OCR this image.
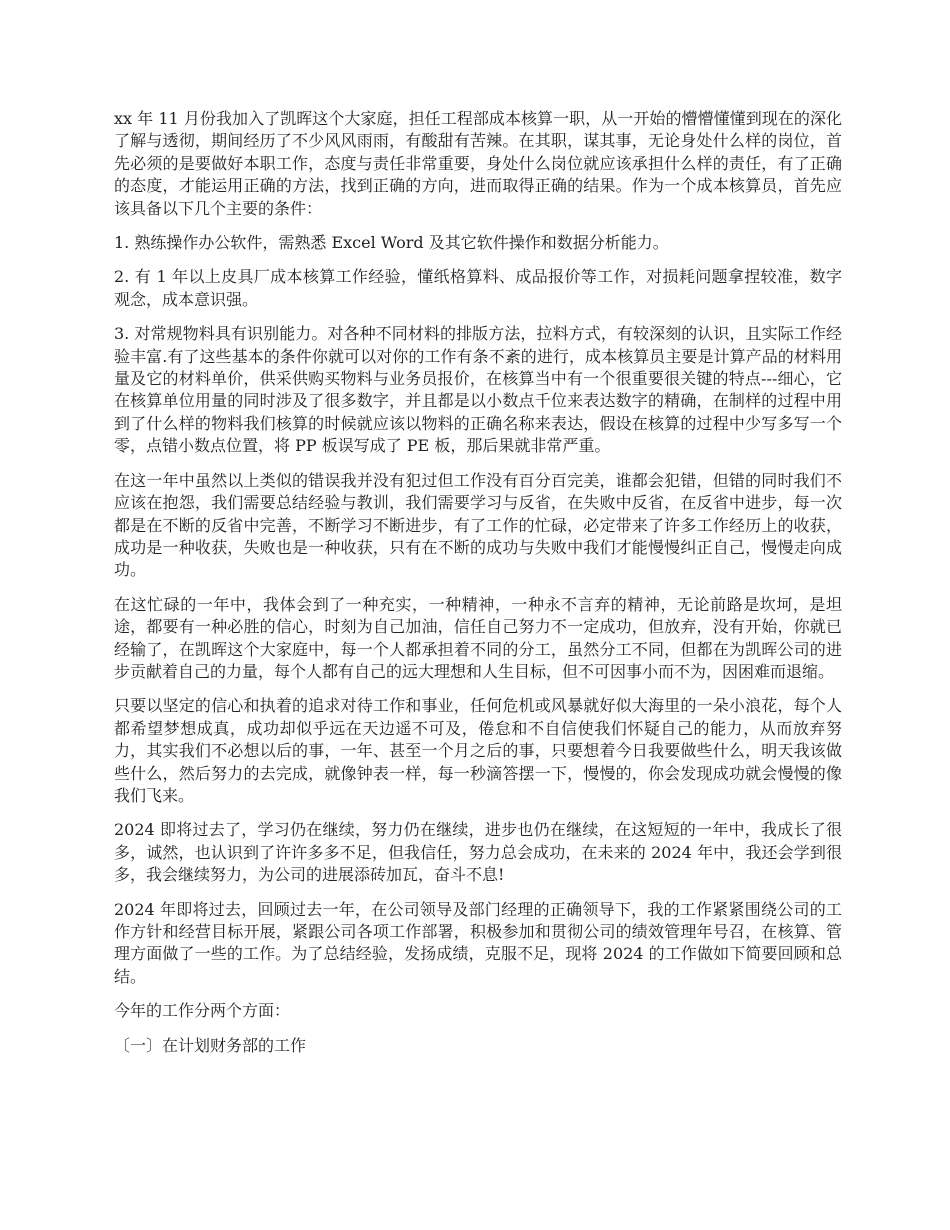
xx 年 11 月份我加入了凯晖这个大家庭，担任工程部成本核算一职，从一开始的懵懵懂懂到现在的深化了解与透彻，期间经历了不少风风雨雨，有酸甜有苦辣。在其职，谋其事，无论身处什么样的岗位，首先必须的是要做好本职工作，态度与责任非常重要，身处什么岗位就应该承担什么样的责任，有了正确的态度，才能运用正确的方法，找到正确的方向，进而取得正确的结果。作为一个成本核算员，首先应该具备以下几个主要的条件：

1. 熟练操作办公软件，需熟悉 Excel Word 及其它软件操作和数据分析能力。

2. 有 1 年以上皮具厂成本核算工作经验，懂纸格算料、成品报价等工作，对损耗问题拿捏较准，数字观念，成本意识强。

3. 对常规物料具有识别能力。对各种不同材料的排版方法，拉料方式，有较深刻的认识，且实际工作经验丰富.有了这些基本的条件你就可以对你的工作有条不紊的进行，成本核算员主要是计算产品的材料用量及它的材料单价，供采供购买物料与业务员报价，在核算当中有一个很重要很关键的特点---细心，它在核算单位用量的同时涉及了很多数字，并且都是以小数点千位来表达数字的精确，在制样的过程中用到了什么样的物料我们核算的时候就应该以物料的正确名称来表达，假设在核算的过程中少写多写一个零，点错小数点位置，将 PP 板误写成了 PE 板，那后果就非常严重。

在这一年中虽然以上类似的错误我并没有犯过但工作没有百分百完美，谁都会犯错，但错的同时我们不应该在抱怨，我们需要总结经验与教训，我们需要学习与反省，在失败中反省，在反省中进步，每一次都是在不断的反省中完善，不断学习不断进步，有了工作的忙碌，必定带来了许多工作经历上的收获，成功是一种收获，失败也是一种收获，只有在不断的成功与失败中我们才能慢慢纠正自己，慢慢走向成功。

在这忙碌的一年中，我体会到了一种充实，一种精神，一种永不言弃的精神，无论前路是坎坷，是坦途，都要有一种必胜的信心，时刻为自己加油，信任自己努力不一定成功，但放弃，没有开始，你就已经输了，在凯晖这个大家庭中，每一个人都承担着不同的分工，虽然分工不同，但都在为凯晖公司的进步贡献着自己的力量，每个人都有自己的远大理想和人生目标，但不可因事小而不为，因困难而退缩。

只要以坚定的信心和执着的追求对待工作和事业，任何危机或风暴就好似大海里的一朵小浪花，每个人都希望梦想成真，成功却似乎远在天边遥不可及，倦怠和不自信使我们怀疑自己的能力，从而放弃努力，其实我们不必想以后的事，一年、甚至一个月之后的事，只要想着今日我要做些什么，明天我该做些什么，然后努力的去完成，就像钟表一样，每一秒滴答摆一下，慢慢的，你会发现成功就会慢慢的像我们飞来。

2024 即将过去了，学习仍在继续，努力仍在继续，进步也仍在继续，在这短短的一年中，我成长了很多，诚然，也认识到了许许多多不足，但我信任，努力总会成功，在未来的 2024 年中，我还会学到很多，我会继续努力，为公司的进展添砖加瓦，奋斗不息!

2024 年即将过去，回顾过去一年，在公司领导及部门经理的正确领导下，我的工作紧紧围绕公司的工作方针和经营目标开展，紧跟公司各项工作部署，积极参加和贯彻公司的绩效管理年号召，在核算、管理方面做了一些的工作。为了总结经验，发扬成绩，克服不足，现将 2024 的工作做如下简要回顾和总结。

今年的工作分两个方面：

〔一〕在计划财务部的工作
